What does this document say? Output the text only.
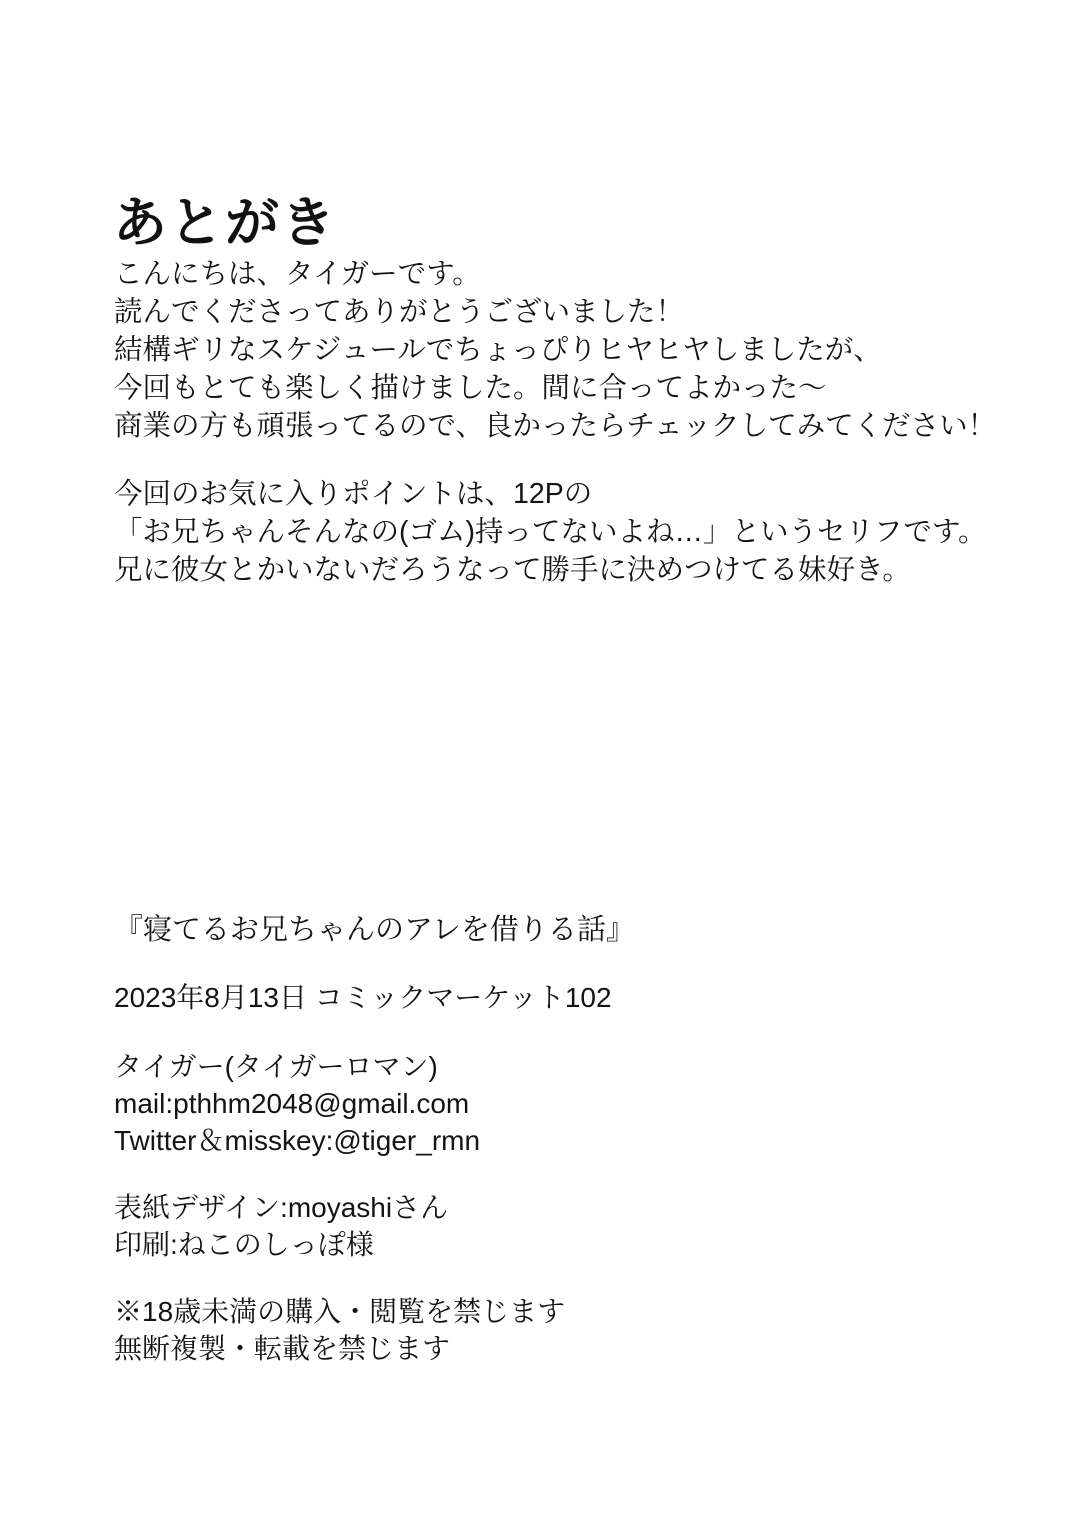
あとがき

こんにちは、タイガーです。

読んでくださってありがとうございました！

結構ギリなスケジュールでちょっぴりヒヤヒヤしましたが、

今回もとても楽しく描けました。間に合ってよかった〜

商業の方も頑張ってるので、良かったらチェックしてみてください！

今回のお気に入りポイントは、12Pの

「お兄ちゃんそんなの(ゴム)持ってないよね…」というセリフです。

兄に彼女とかいないだろうなって勝手に決めつけてる妹好き。

『寝てるお兄ちゃんのアレを借りる話』

2023年8月13日 コミックマーケット102

タイガー(タイガーロマン)

mail:pthhm2048@gmail.com

Twitter＆misskey:@tiger_rmn

表紙デザイン:moyashiさん

印刷:ねこのしっぽ様

※18歳未満の購入・閲覧を禁じます

無断複製・転載を禁じます
